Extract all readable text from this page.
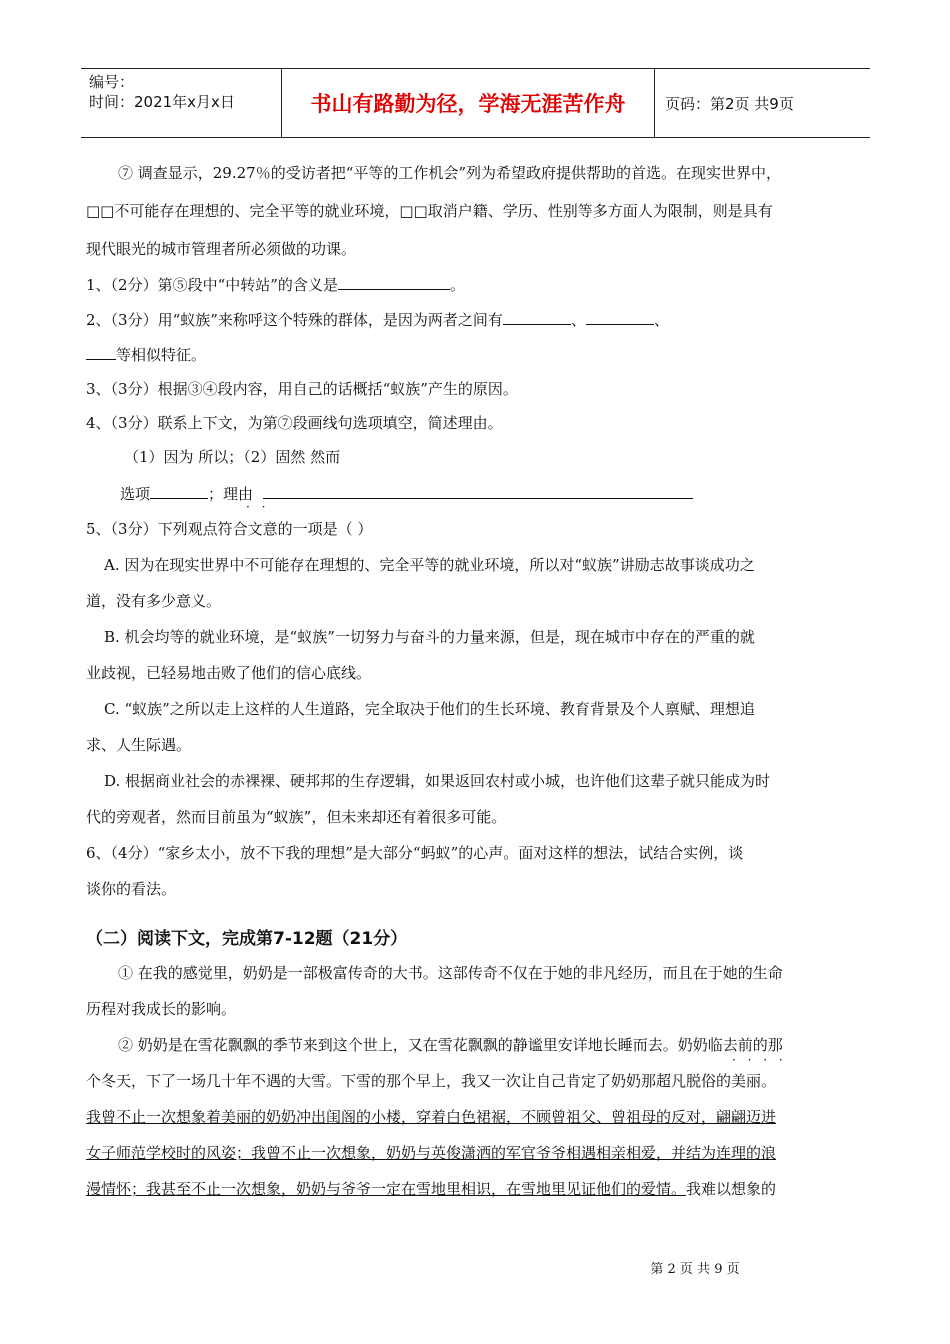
编号：
时间：2021年x月x日	书山有路勤为径，学海无涯苦作舟	页码：第2页 共9页
⑦ 调查显示，29.27％的受访者把“平等的工作机会”列为希望政府提供帮助的首选。在现实世界中，
□□不可能存在理想的、完全平等的就业环境，□□取消户籍、学历、性别等多方面人为限制，则是具有
现代眼光的城市管理者所必须做的功课。
1、（2分）第⑤段中“中转站”的含义是	。
2、（3分）用“蚁族”来称呼这个特殊的群体，是因为两者之间有	、	、
等相似特征。
3、（3分）根据③④段内容，用自己的话概括“蚁族”产生的原因。
4、（3分）联系上下文，为第⑦段画线句选项填空，简述理由。
（1）因为 所以；（2）固然 然而
选项	；理由
· ·
5、（3分）下列观点符合文意的一项是（ ）
A. 因为在现实世界中不可能存在理想的、完全平等的就业环境，所以对“蚁族”讲励志故事谈成功之
道，没有多少意义。
B. 机会均等的就业环境，是“蚁族”一切努力与奋斗的力量来源，但是，现在城市中存在的严重的就
业歧视，已轻易地击败了他们的信心底线。
C. “蚁族”之所以走上这样的人生道路，完全取决于他们的生长环境、教育背景及个人禀赋、理想追
求、人生际遇。
D. 根据商业社会的赤裸裸、硬邦邦的生存逻辑，如果返回农村或小城，也许他们这辈子就只能成为时
代的旁观者，然而目前虽为“蚁族”，但未来却还有着很多可能。
6、（4分）“家乡太小，放不下我的理想”是大部分“蚂蚁”的心声。面对这样的想法，试结合实例，谈
谈你的看法。
（二）阅读下文，完成第7-12题（21分）
① 在我的感觉里，奶奶是一部极富传奇的大书。这部传奇不仅在于她的非凡经历，而且在于她的生命
历程对我成长的影响。
② 奶奶是在雪花飘飘的季节来到这个世上，又在雪花飘飘的静谧里安详地长睡而去。奶奶临去前的那
· · · ·
个冬天，下了一场几十年不遇的大雪。下雪的那个早上，我又一次让自己肯定了奶奶那超凡脱俗的美丽。
我曾不止一次想象着美丽的奶奶冲出闺阁的小楼，穿着白色裙裾，不顾曾祖父、曾祖母的反对，翩翩迈进
女子师范学校时的风姿；我曾不止一次想象，奶奶与英俊潇洒的军官爷爷相遇相亲相爱，并结为连理的浪
漫情怀；我甚至不止一次想象，奶奶与爷爷一定在雪地里相识，在雪地里见证他们的爱情。我难以想象的
第 2 页 共 9 页
